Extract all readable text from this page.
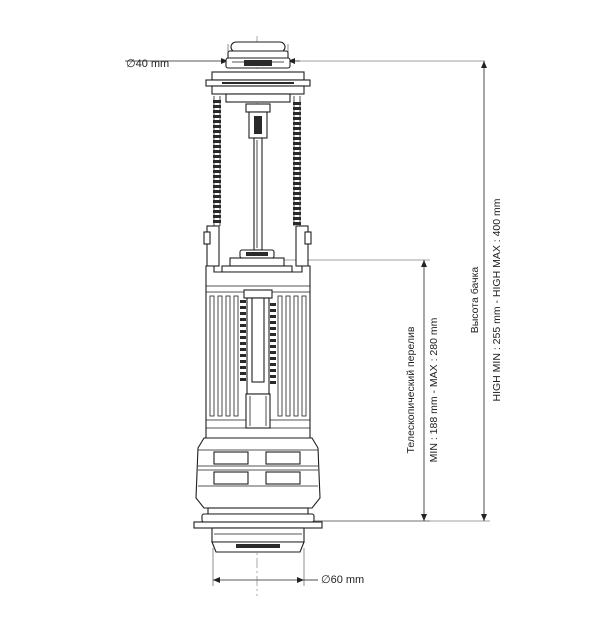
∅40 mm
∅60 mm
Телескопический перелив MIN : 188 mm - MAX : 280 mm
Высота бачка HIGH MIN : 255 mm - HIGH MAX : 400 mm
